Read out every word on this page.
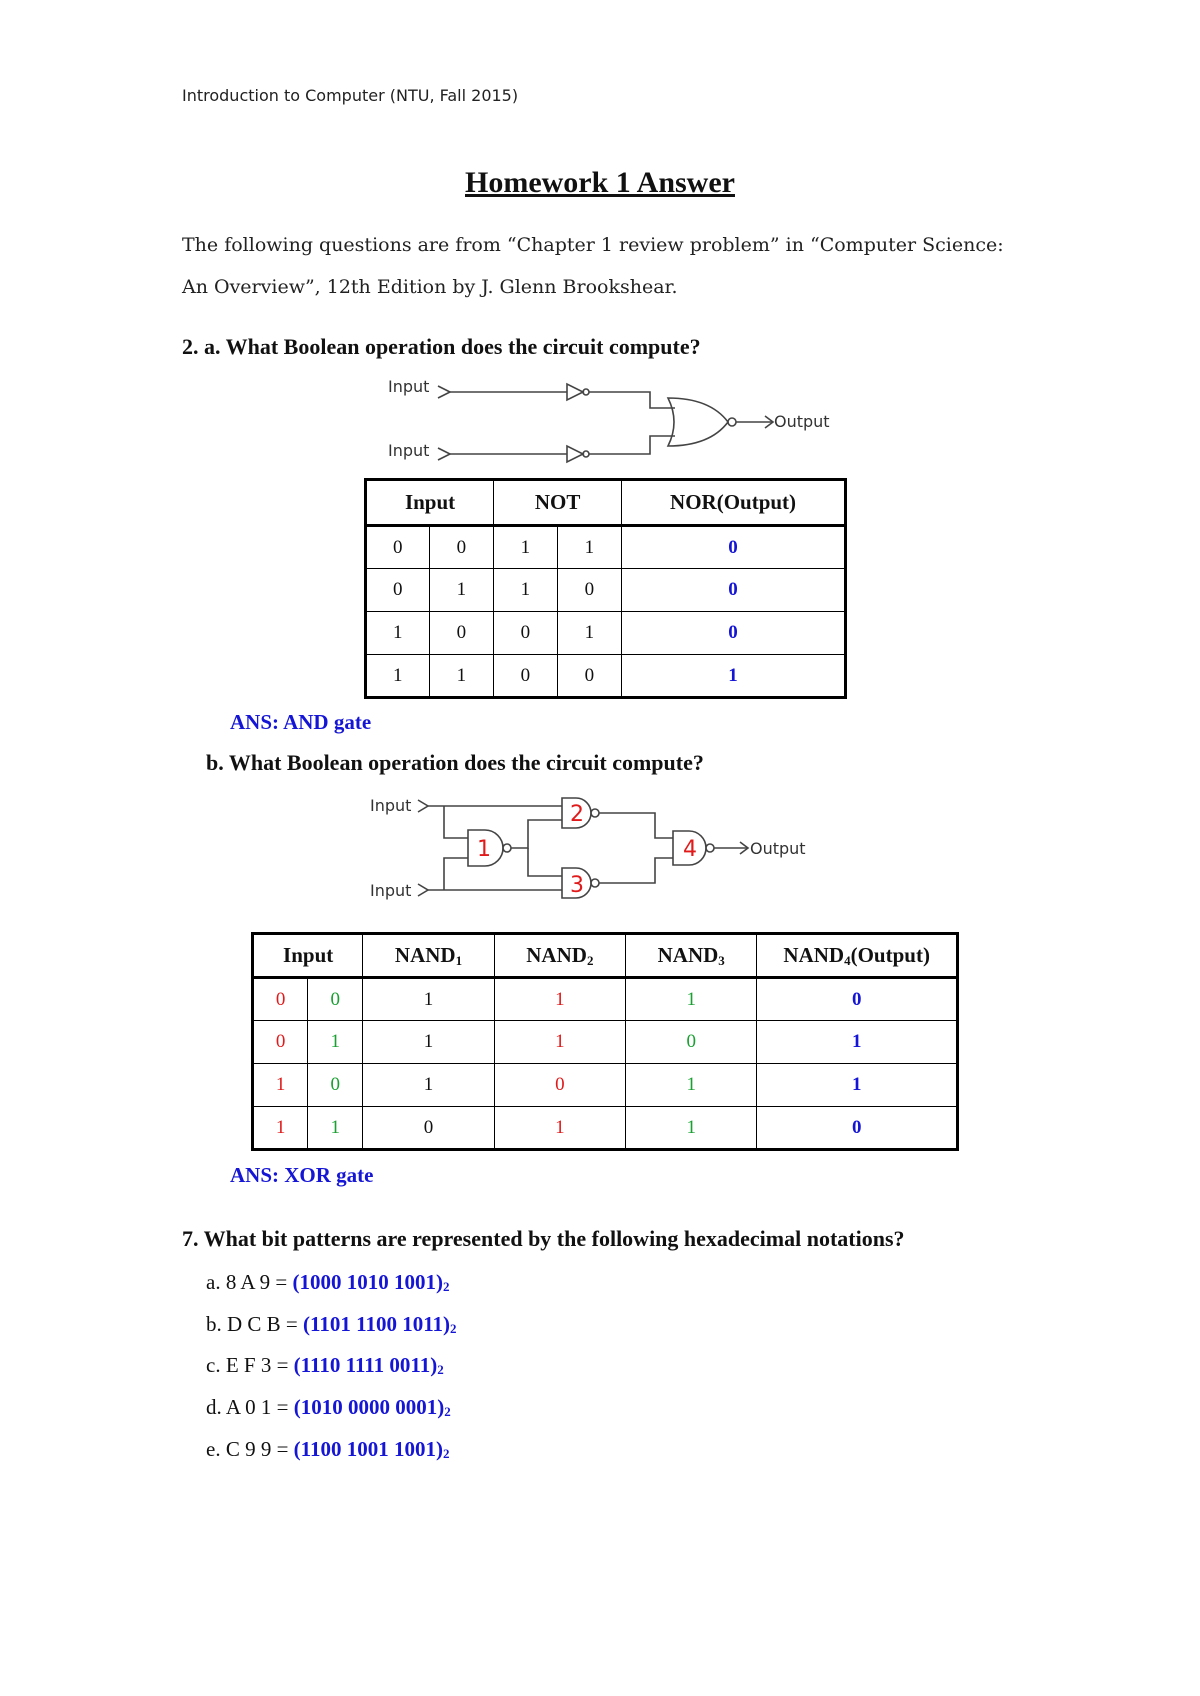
Introduction to Computer (NTU, Fall 2015)
Homework 1 Answer
The following questions are from “Chapter 1 review problem” in “Computer Science:
An Overview”, 12th Edition by J. Glenn Brookshear.
2. a. What Boolean operation does the circuit compute?
Input
Input
Output
Input		NOT		NOR(Output)
0	0	1	1	0
0	1	1	0	0
1	0	0	1	0
1	1	0	0	1
ANS: AND gate
b. What Boolean operation does the circuit compute?
Input
Input
Output
1
2
3
4
Input		$NAND_1$	$NAND_2$	$NAND_3$	$NAND_4(Output)$
0	0	1	1	1	0
0	1	1	1	0	1
1	0	1	0	1	1
1	1	0	1	1	0
ANS: XOR gate
7. What bit patterns are represented by the following hexadecimal notations?
a. 8 A 9 = (1000 1010 $1001)_2$
b. D C B = (1101 1100 $1011)_2$
c. E F 3 = (1110 1111 $0011)_2$
d. A 0 1 = (1010 0000 $0001)_2$
e. C 9 9 = (1100 1001 $1001)_2$
